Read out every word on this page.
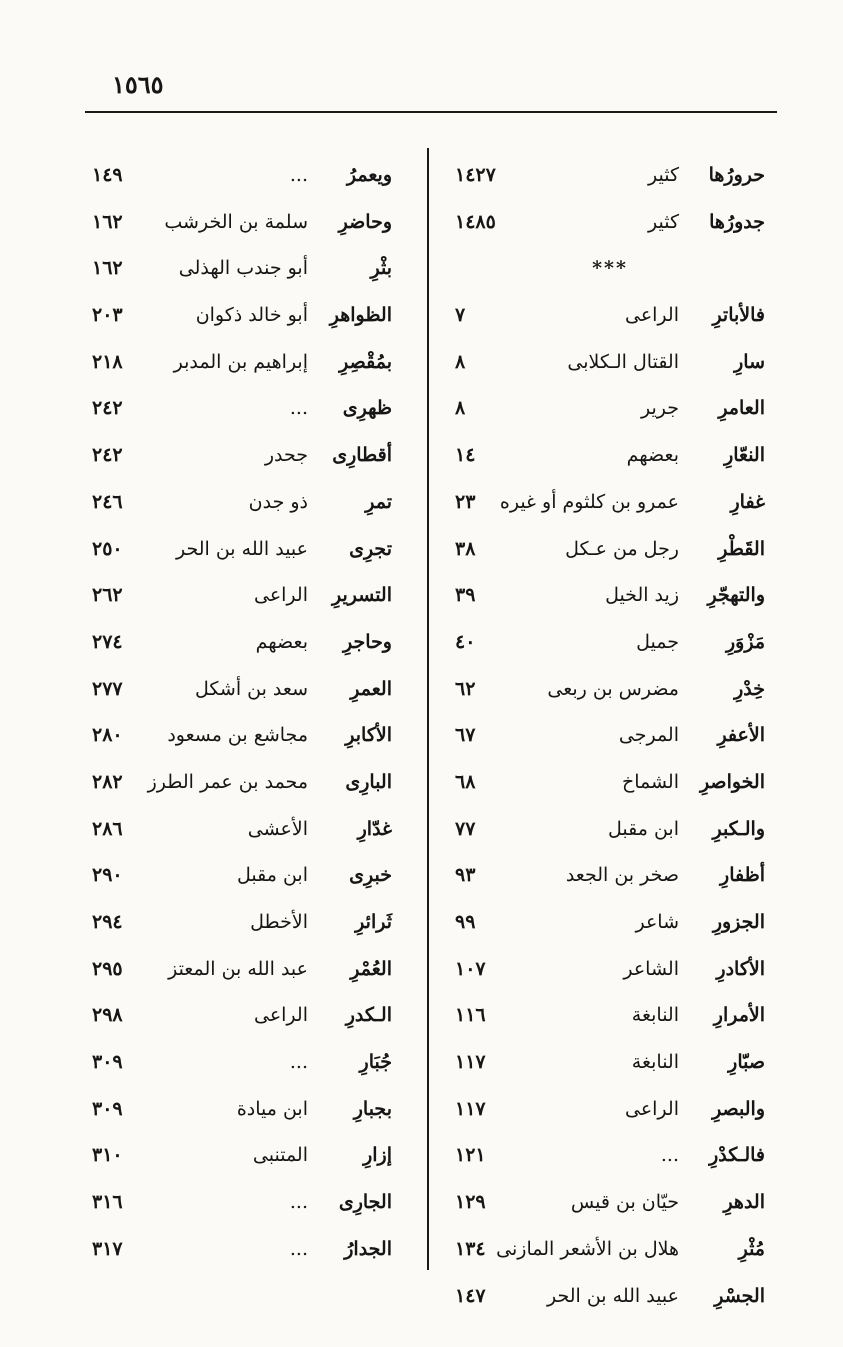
١٥٦٥
حرورُها
كثير
١٤٢٧
جدورُها
كثير
١٤٨٥
***
فالأباترِ
الراعى
٧
سارِ
القتال الـكلابى
٨
العامرِ
جرير
٨
النعّارِ
بعضهم
١٤
غفارِ
عمرو بن كلثوم أو غيره
٢٣
القَطْرِ
رجل من عـكل
٣٨
والتهجّرِ
زيد الخيل
٣٩
مَزْوَرِ
جميل
٤٠
خِدْرِ
مضرس بن ربعى
٦٢
الأعفرِ
المرجى
٦٧
الخواصرِ
الشماخ
٦٨
والـكبرِ
ابن مقبل
٧٧
أظفارِ
صخر بن الجعد
٩٣
الجزورِ
شاعر
٩٩
الأكادرِ
الشاعر
١٠٧
الأمرارِ
النابغة
١١٦
صبّارِ
النابغة
١١٧
والبصرِ
الراعى
١١٧
فالـكدْرِ
...
١٢١
الدهرِ
حيّان بن قيس
١٢٩
مُثْرِ
هلال بن الأشعر المازنى
١٣٤
الجسْرِ
عبيد الله بن الحر
١٤٧
ويعمرُ
...
١٤٩
وحاضرِ
سلمة بن الخرشب
١٦٢
بثْرِ
أبو جندب الهذلى
١٦٢
الظواهرِ
أبو خالد ذكوان
٢٠٣
بمُقْصِرِ
إبراهيم بن المدبر
٢١٨
ظهرِى
...
٢٤٢
أقطارِى
جحدر
٢٤٢
تمرِ
ذو جدن
٢٤٦
تجرِى
عبيد الله بن الحر
٢٥٠
التسريرِ
الراعى
٢٦٢
وحاجرِ
بعضهم
٢٧٤
العمرِ
سعد بن أشكل
٢٧٧
الأكابرِ
مجاشع بن مسعود
٢٨٠
البارِى
محمد بن عمر الطرز
٢٨٢
غدّارِ
الأعشى
٢٨٦
خبرِى
ابن مقبل
٢٩٠
ثَرائرِ
الأخطل
٢٩٤
العُمْرِ
عبد الله بن المعتز
٢٩٥
الـكدرِ
الراعى
٢٩٨
جُبَارِ
...
٣٠٩
بجبارِ
ابن ميادة
٣٠٩
إزارِ
المتنبى
٣١٠
الجارِى
...
٣١٦
الجدارُ
...
٣١٧
